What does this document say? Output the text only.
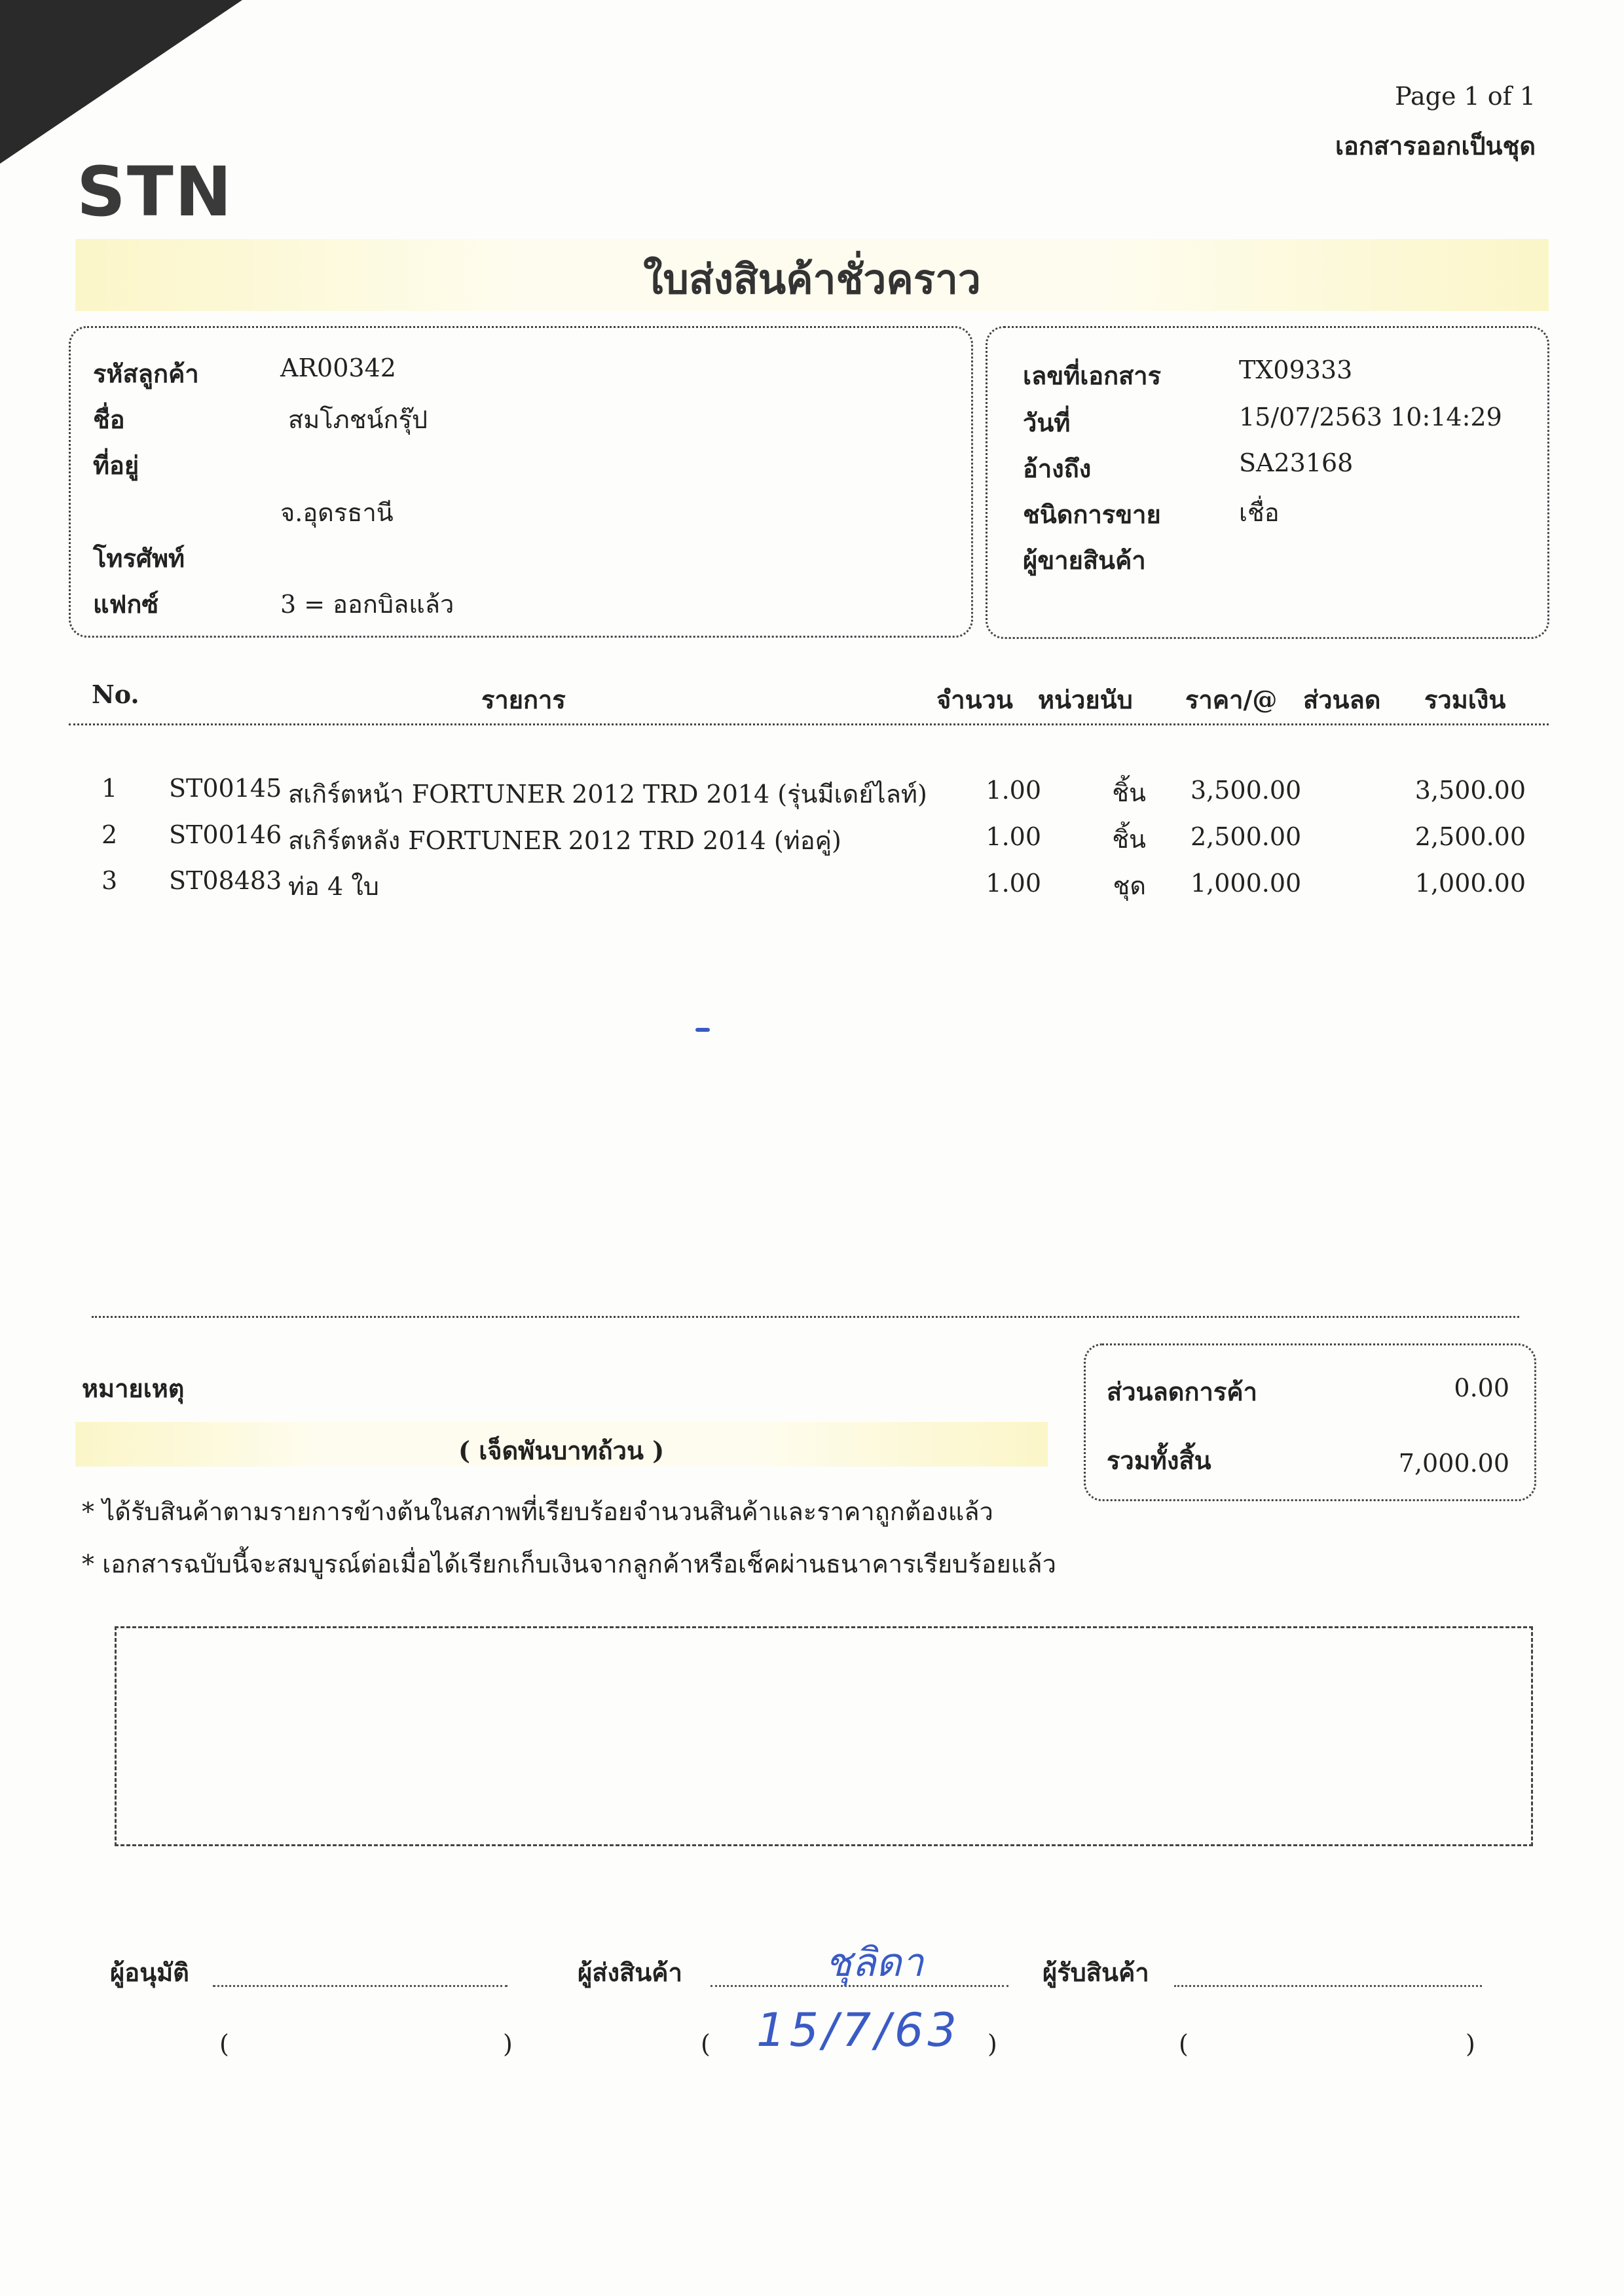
STN
Page 1 of 1
เอกสารออกเป็นชุด
ใบส่งสินค้าชั่วคราว
รหัสลูกค้า	AR00342
ชื่อ	สมโภชน์กรุ๊ป
ที่อยู่
จ.อุดรธานี
โทรศัพท์
แฟกซ์	3 = ออกบิลแล้ว
เลขที่เอกสาร	TX09333
วันที่	15/07/2563 10:14:29
อ้างถึง	SA23168
ชนิดการขาย	เชื่อ
ผู้ขายสินค้า
No.	รายการ	จำนวน หน่วยนับ ราคา/@ ส่วนลด รวมเงิน
1 ST00145 สเกิร์ตหน้า FORTUNER 2012 TRD 2014 (รุ่นมีเดย์ไลท์)	1.00	ชิ้น 3,500.00	3,500.00
2 ST00146 สเกิร์ตหลัง FORTUNER 2012 TRD 2014 (ท่อคู่)	1.00	ชิ้น 2,500.00	2,500.00
3 ST08483 ท่อ 4 ใบ	1.00	ชุด 1,000.00	1,000.00
หมายเหตุ
( เจ็ดพันบาทถ้วน )
* ได้รับสินค้าตามรายการข้างต้นในสภาพที่เรียบร้อยจำนวนสินค้าและราคาถูกต้องแล้ว
* เอกสารฉบับนี้จะสมบูรณ์ต่อเมื่อได้เรียกเก็บเงินจากลูกค้าหรือเช็คผ่านธนาคารเรียบร้อยแล้ว
ส่วนลดการค้า	0.00
รวมทั้งสิ้น	7,000.00
ผู้อนุมัติ
(	)
ผู้ส่งสินค้า	ชุลิดา
( 15/7/63 )
ผู้รับสินค้า
(	)
